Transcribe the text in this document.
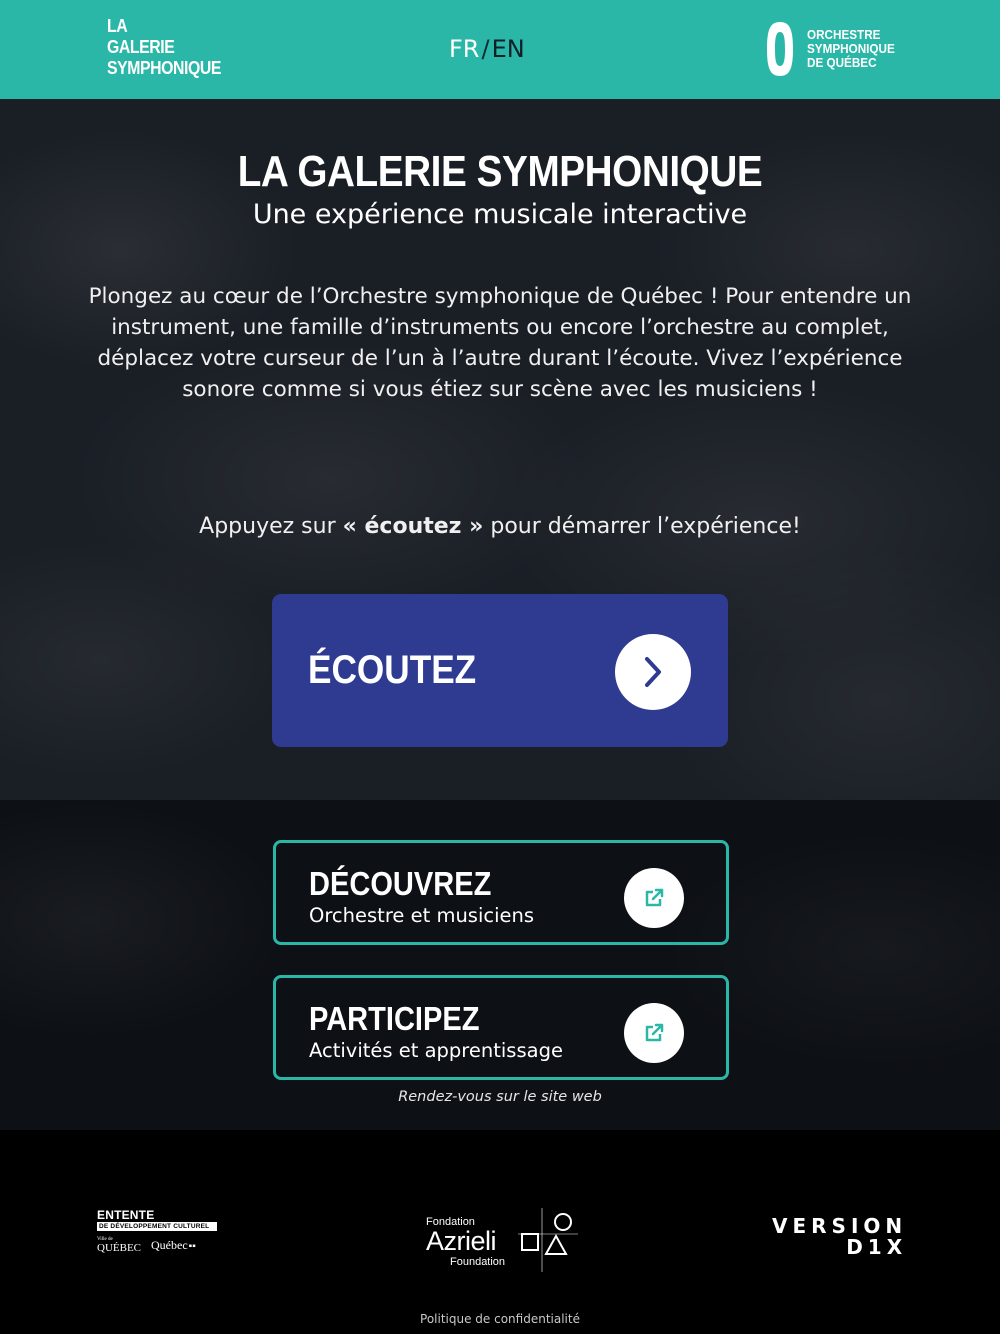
LA
GALERIE
SYMPHONIQUE
FR/EN
ORCHESTRE
SYMPHONIQUE
DE QUÉBEC
LA GALERIE SYMPHONIQUE
Une expérience musicale interactive
Plongez au cœur de l’Orchestre symphonique de Québec ! Pour entendre un instrument, une famille d’instruments ou encore l’orchestre au complet, déplacez votre curseur de l’un à l’autre durant l’écoute. Vivez l’expérience sonore comme si vous étiez sur scène avec les musiciens !
Appuyez sur « écoutez » pour démarrer l’expérience!
ÉCOUTEZ
DÉCOUVREZ
Orchestre et musiciens
PARTICIPEZ
Activités et apprentissage
Rendez-vous sur le site web
ENTENTE
DE DÉVELOPPEMENT CULTUREL
Ville de
QUÉBEC Québec▪▪
Fondation
Azrieli
Foundation
VERSION
D1X
Politique de confidentialité
